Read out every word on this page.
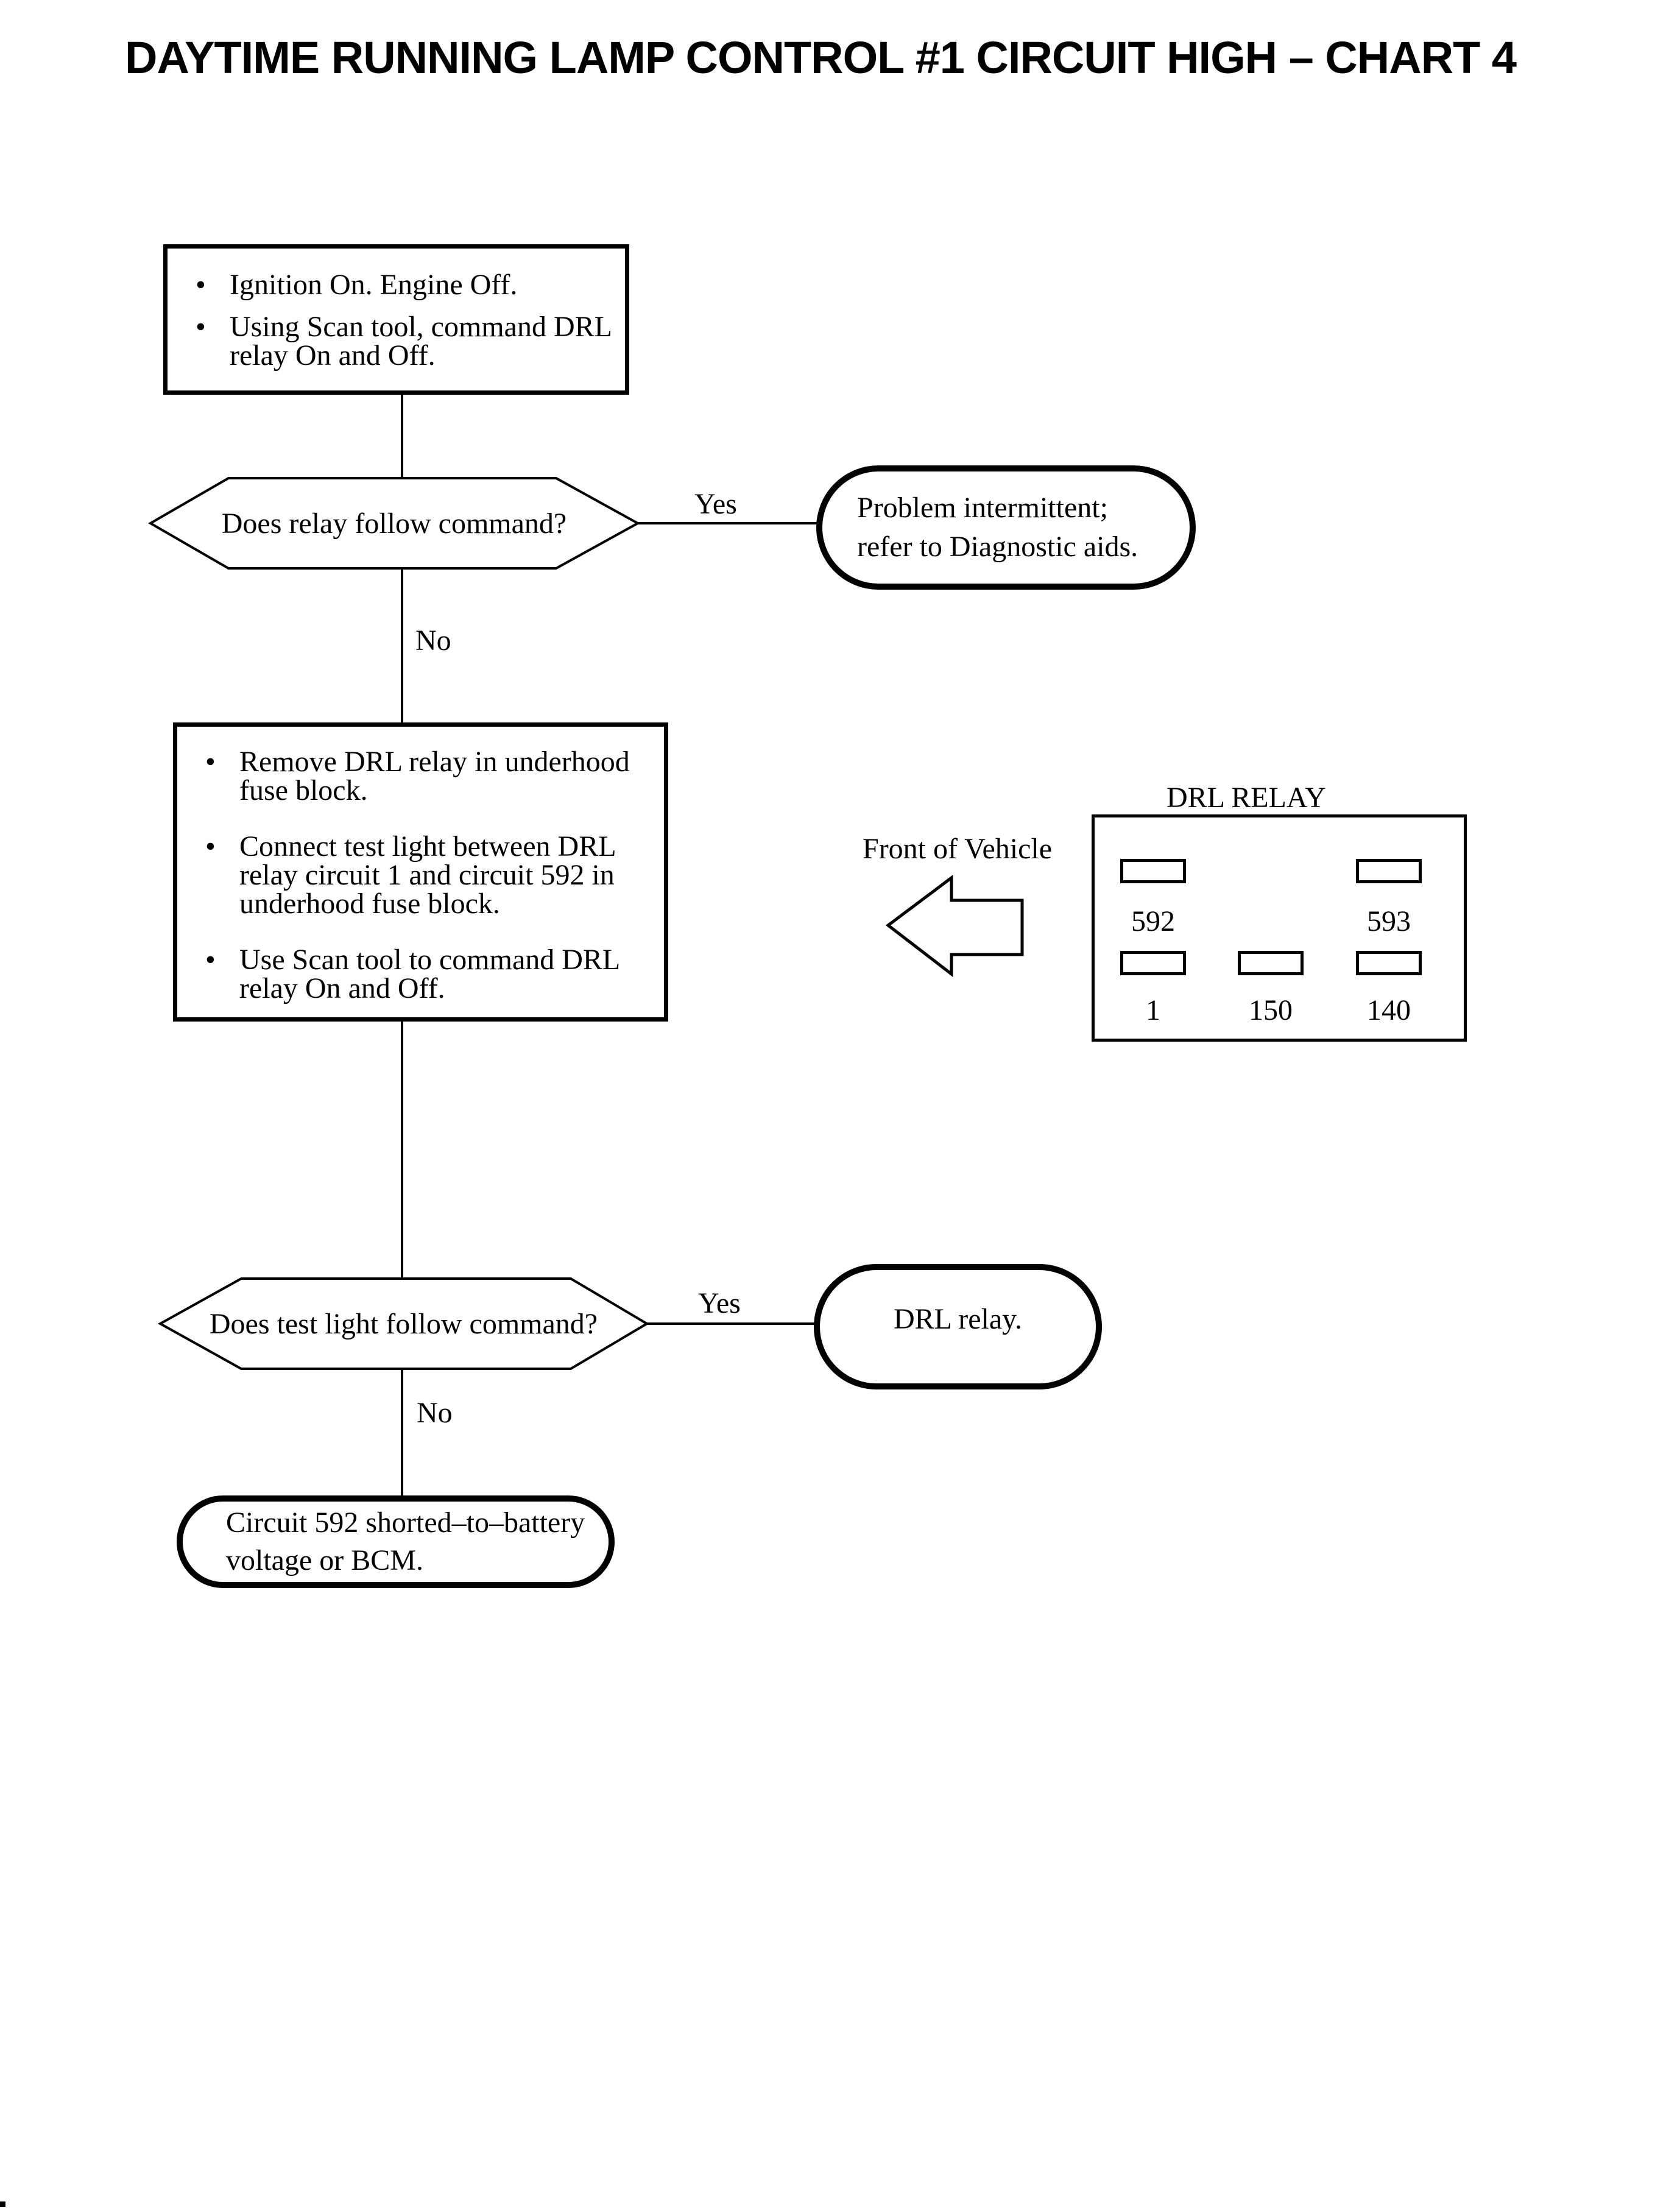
DAYTIME RUNNING LAMP CONTROL #1 CIRCUIT HIGH – CHART 4
• Ignition On. Engine Off.
• Using Scan tool, command DRL relay On and Off.
Does relay follow command?
Yes
No
Problem intermittent;
refer to Diagnostic aids.
• Remove DRL relay in underhood fuse block.
• Connect test light between DRL relay circuit 1 and circuit 592 in underhood fuse block.
• Use Scan tool to command DRL relay On and Off.
DRL RELAY
Front of Vehicle
592	593
1	150	140
Does test light follow command?
Yes
No
DRL relay.
Circuit 592 shorted–to–battery
voltage or BCM.
